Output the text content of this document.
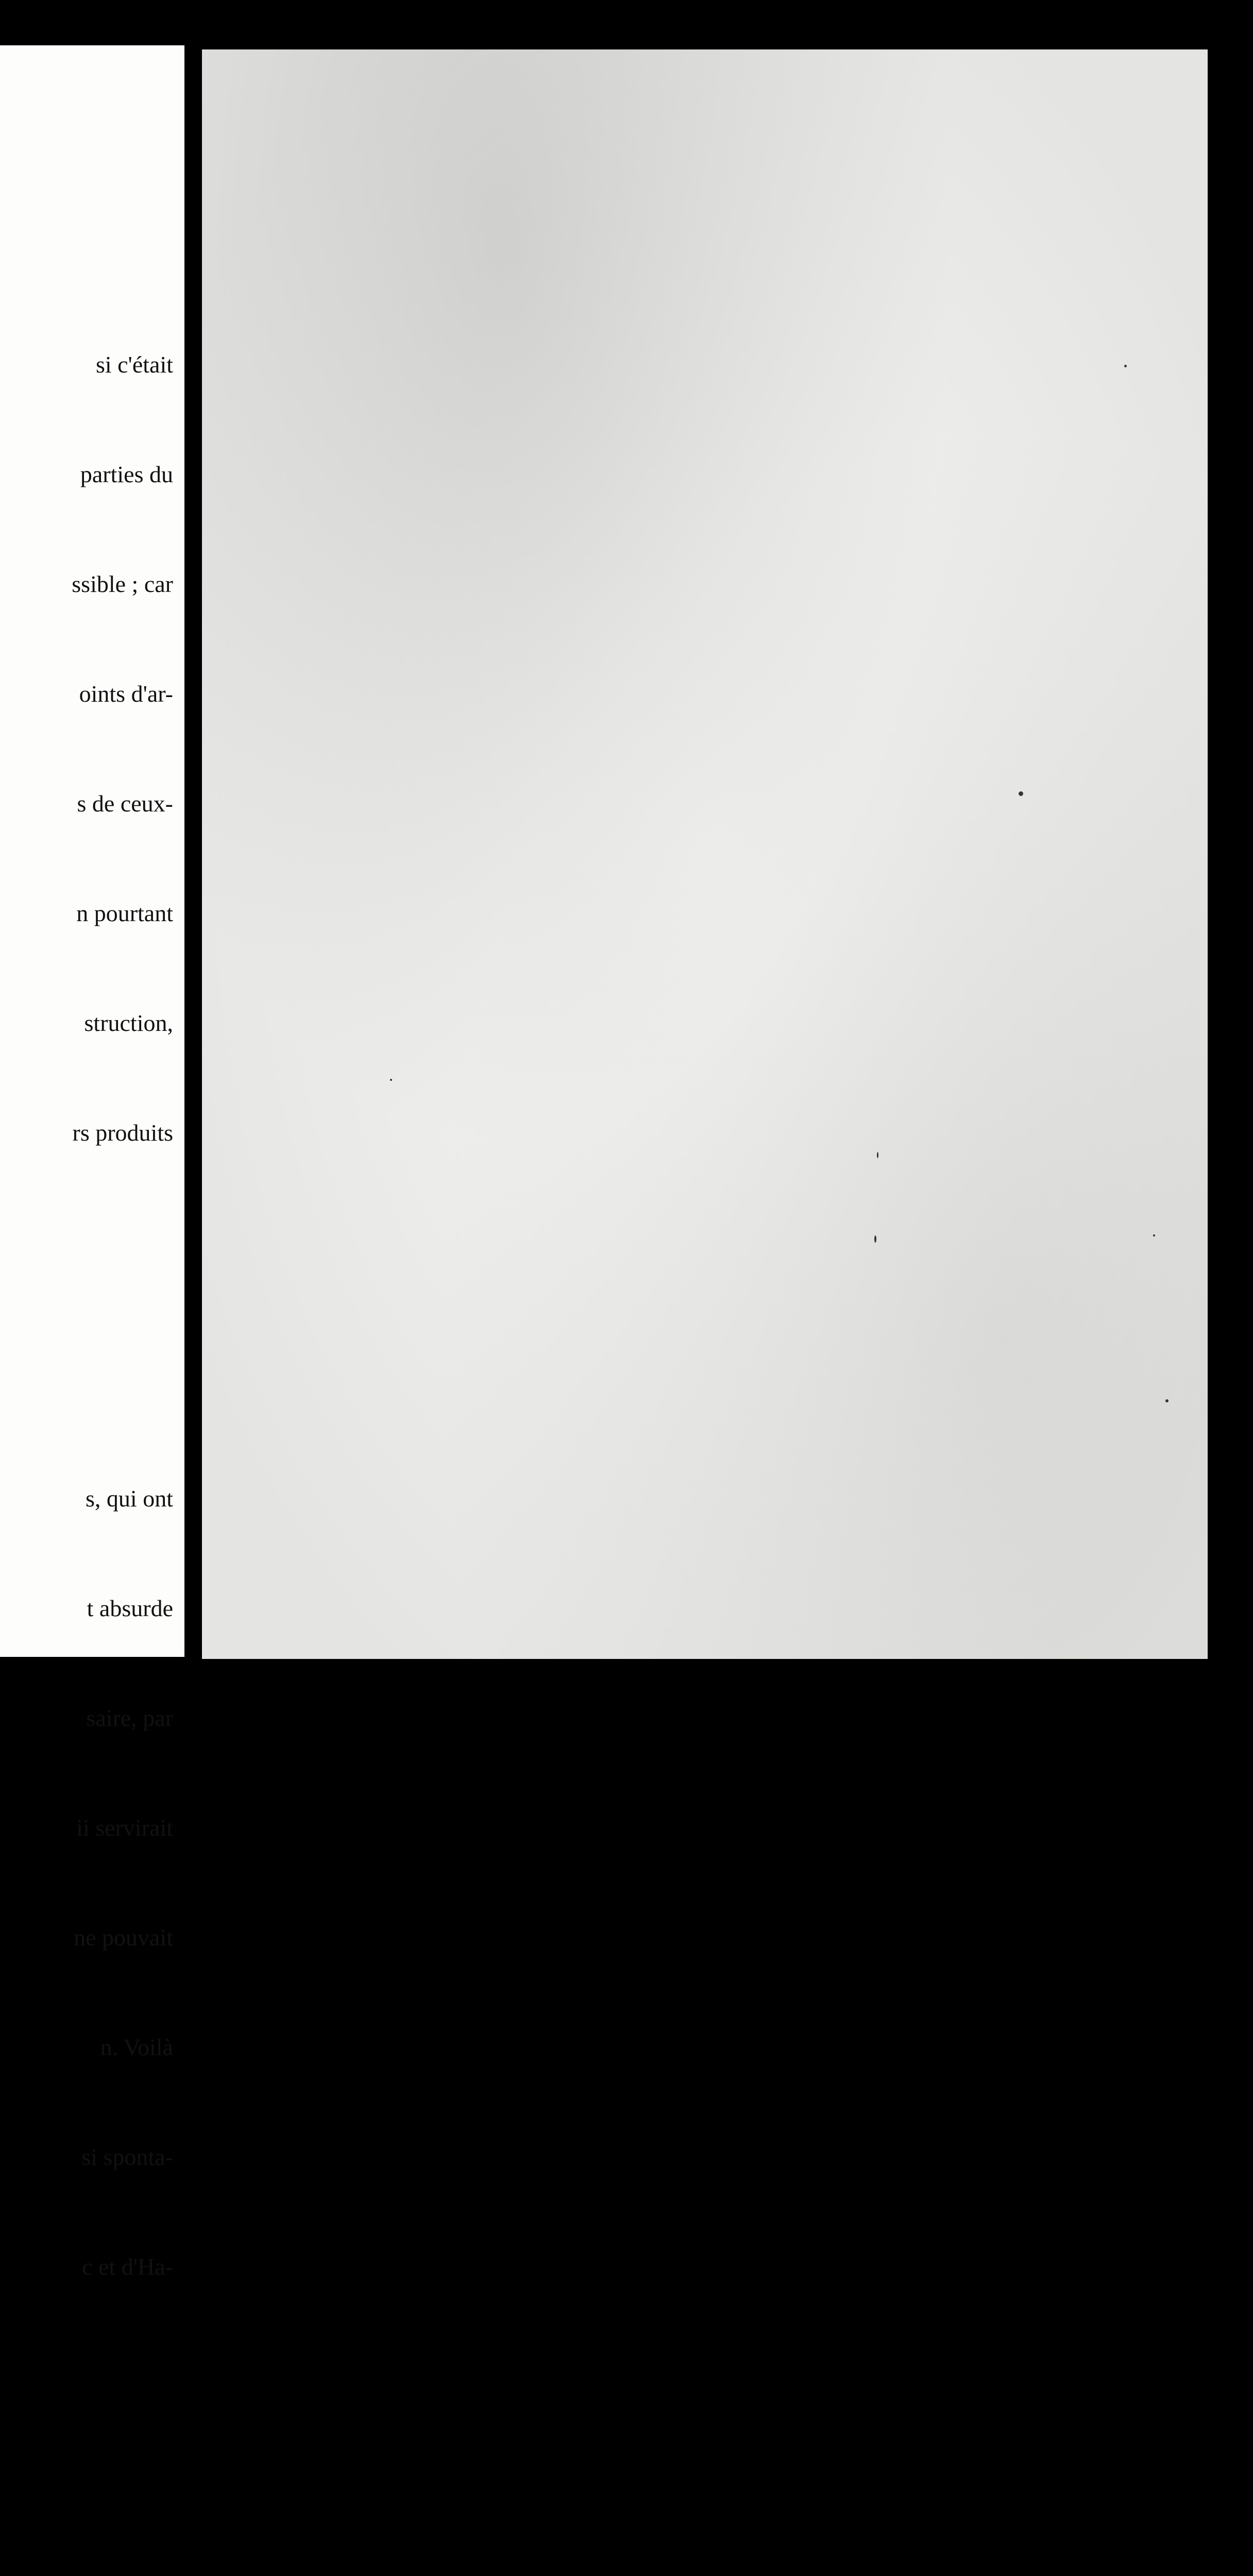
si c'était

parties du

ssible ; car

oints d'ar-

s de ceux-

n pourtant

struction,

rs produits

s, qui ont

t absurde

saire, par

ii servirait

ne pouvait

n. Voilà

si sponta-

c et d'Ha-
